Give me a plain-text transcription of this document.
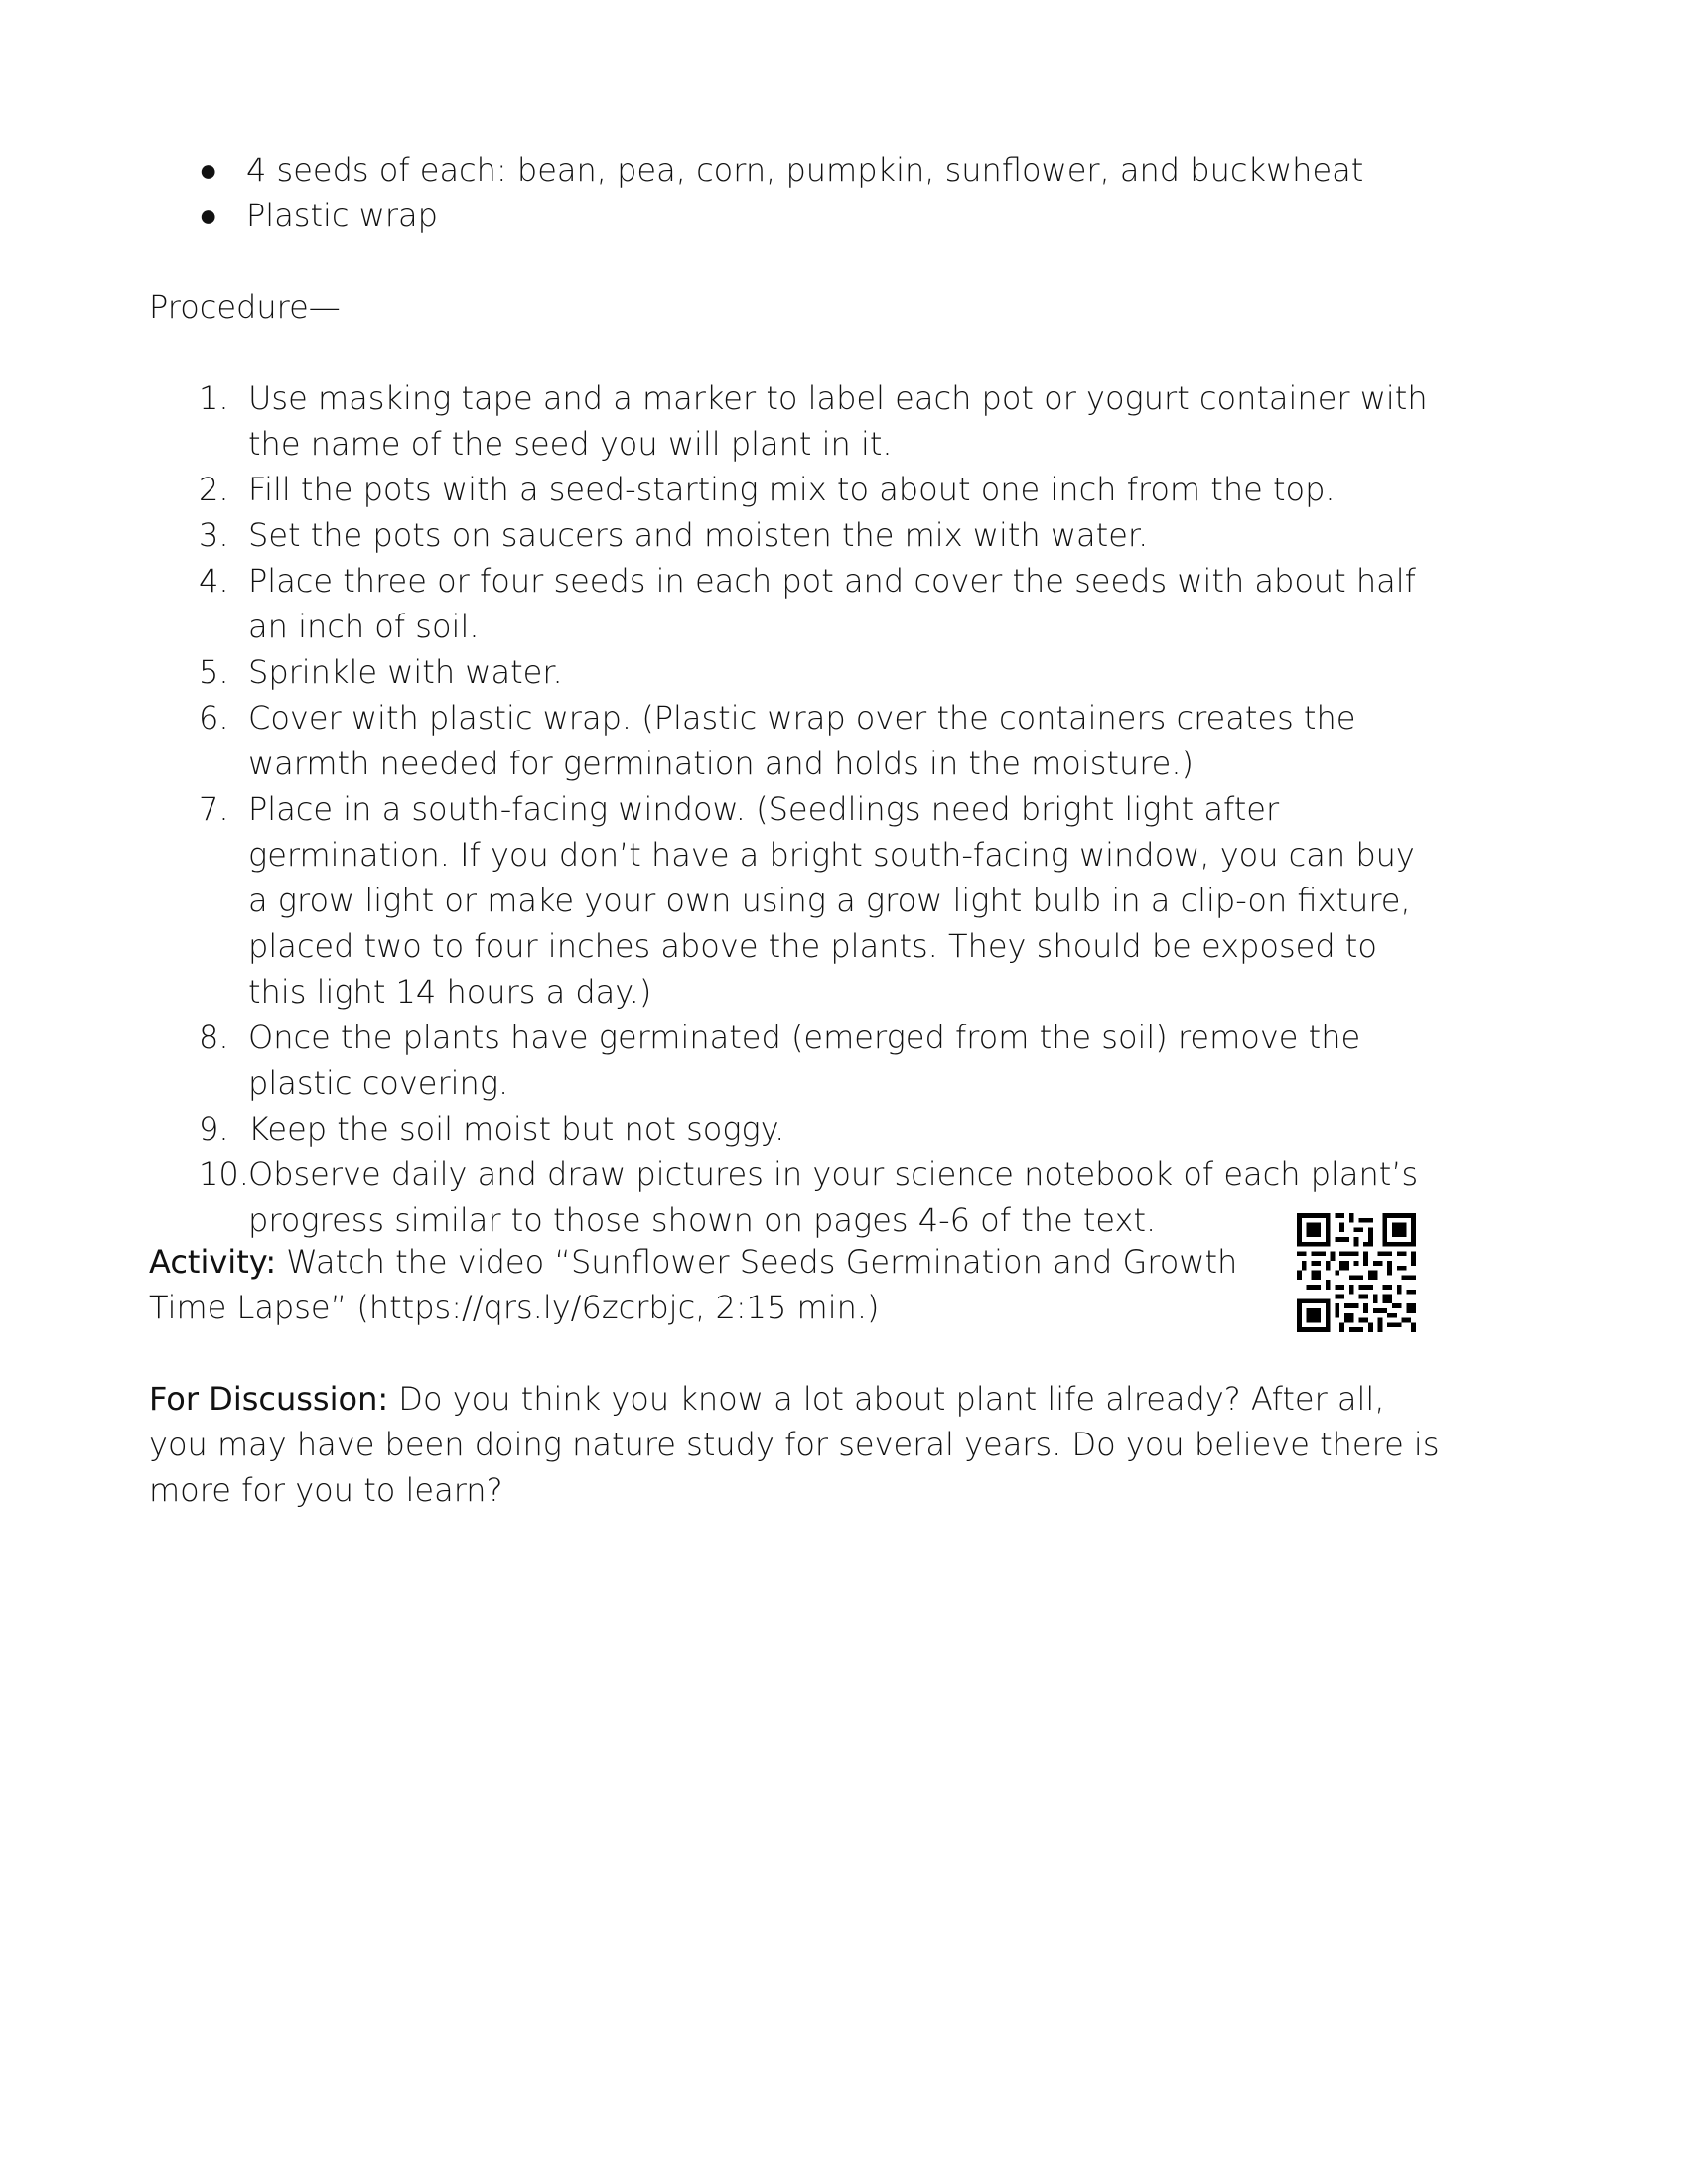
● 4 seeds of each: bean, pea, corn, pumpkin, sunflower, and buckwheat
● Plastic wrap

Procedure—

1. Use masking tape and a marker to label each pot or yogurt container with the name of the seed you will plant in it.
2. Fill the pots with a seed-starting mix to about one inch from the top.
3. Set the pots on saucers and moisten the mix with water.
4. Place three or four seeds in each pot and cover the seeds with about half an inch of soil.
5. Sprinkle with water.
6. Cover with plastic wrap. (Plastic wrap over the containers creates the warmth needed for germination and holds in the moisture.)
7. Place in a south-facing window. (Seedlings need bright light after germination. If you don’t have a bright south-facing window, you can buy a grow light or make your own using a grow light bulb in a clip-on fixture, placed two to four inches above the plants. They should be exposed to this light 14 hours a day.)
8. Once the plants have germinated (emerged from the soil) remove the plastic covering.
9. Keep the soil moist but not soggy.
10. Observe daily and draw pictures in your science notebook of each plant’s progress similar to those shown on pages 4-6 of the text.

Activity: Watch the video “Sunflower Seeds Germination and Growth Time Lapse” (https://qrs.ly/6zcrbjc, 2:15 min.)

For Discussion: Do you think you know a lot about plant life already? After all, you may have been doing nature study for several years. Do you believe there is more for you to learn?
